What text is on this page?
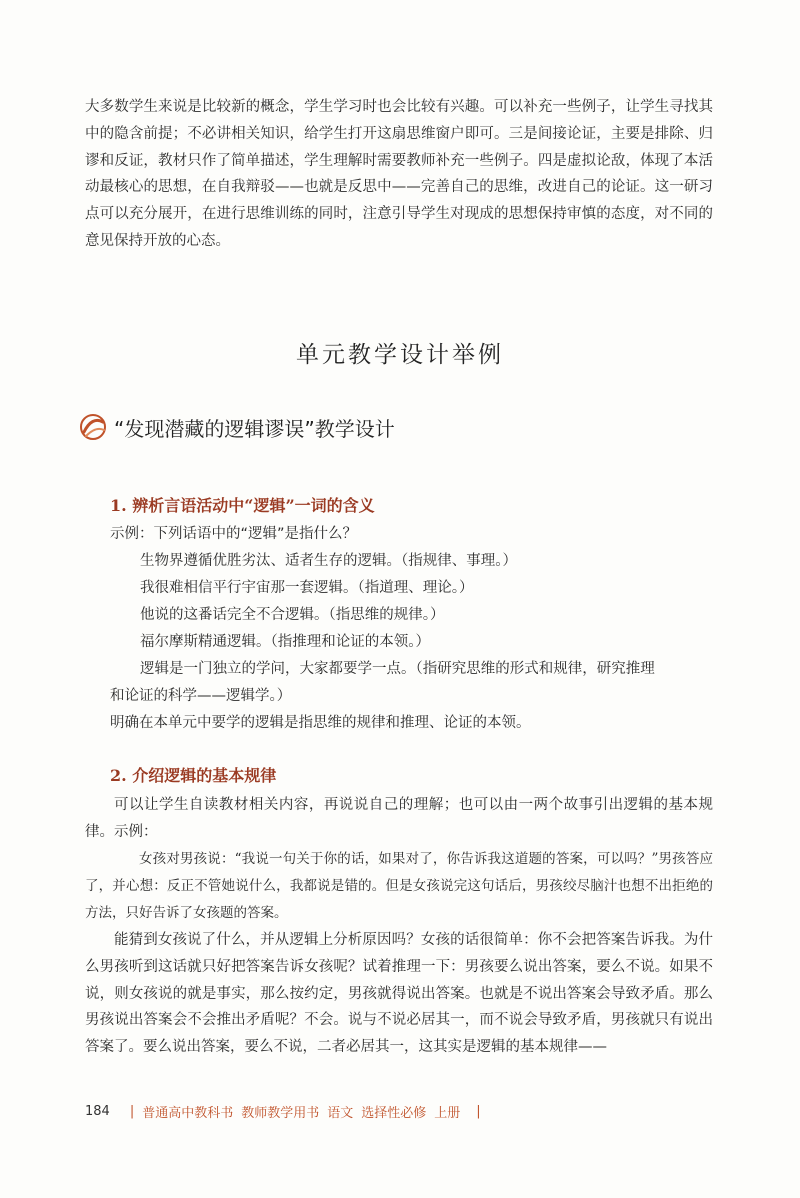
大多数学生来说是比较新的概念，学生学习时也会比较有兴趣。可以补充一些例子，让学生寻找其中的隐含前提；不必讲相关知识，给学生打开这扇思维窗户即可。三是间接论证，主要是排除、归谬和反证，教材只作了简单描述，学生理解时需要教师补充一些例子。四是虚拟论敌，体现了本活动最核心的思想，在自我辩驳——也就是反思中——完善自己的思维，改进自己的论证。这一研习点可以充分展开，在进行思维训练的同时，注意引导学生对现成的思想保持审慎的态度，对不同的意见保持开放的心态。

单元教学设计举例
“发现潜藏的逻辑谬误”教学设计
1. 辨析言语活动中“逻辑”一词的含义
示例：下列话语中的“逻辑”是指什么？
生物界遵循优胜劣汰、适者生存的逻辑。（指规律、事理。）
我很难相信平行宇宙那一套逻辑。（指道理、理论。）
他说的这番话完全不合逻辑。（指思维的规律。）
福尔摩斯精通逻辑。（指推理和论证的本领。）
逻辑是一门独立的学问，大家都要学一点。（指研究思维的形式和规律，研究推理
和论证的科学——逻辑学。）
明确在本单元中要学的逻辑是指思维的规律和推理、论证的本领。
2. 介绍逻辑的基本规律

可以让学生自读教材相关内容，再说说自己的理解；也可以由一两个故事引出逻辑的基本规律。示例：

女孩对男孩说：“我说一句关于你的话，如果对了，你告诉我这道题的答案，可以吗？”男孩答应了，并心想：反正不管她说什么，我都说是错的。但是女孩说完这句话后，男孩绞尽脑汁也想不出拒绝的方法，只好告诉了女孩题的答案。

能猜到女孩说了什么，并从逻辑上分析原因吗？女孩的话很简单：你不会把答案告诉我。为什么男孩听到这话就只好把答案告诉女孩呢？试着推理一下：男孩要么说出答案，要么不说。如果不说，则女孩说的就是事实，那么按约定，男孩就得说出答案。也就是不说出答案会导致矛盾。那么男孩说出答案会不会推出矛盾呢？不会。说与不说必居其一，而不说会导致矛盾，男孩就只有说出答案了。要么说出答案，要么不说，二者必居其一，这其实是逻辑的基本规律——

184 | 普通高中教科书 教师教学用书 语文 选择性必修 上册 |
